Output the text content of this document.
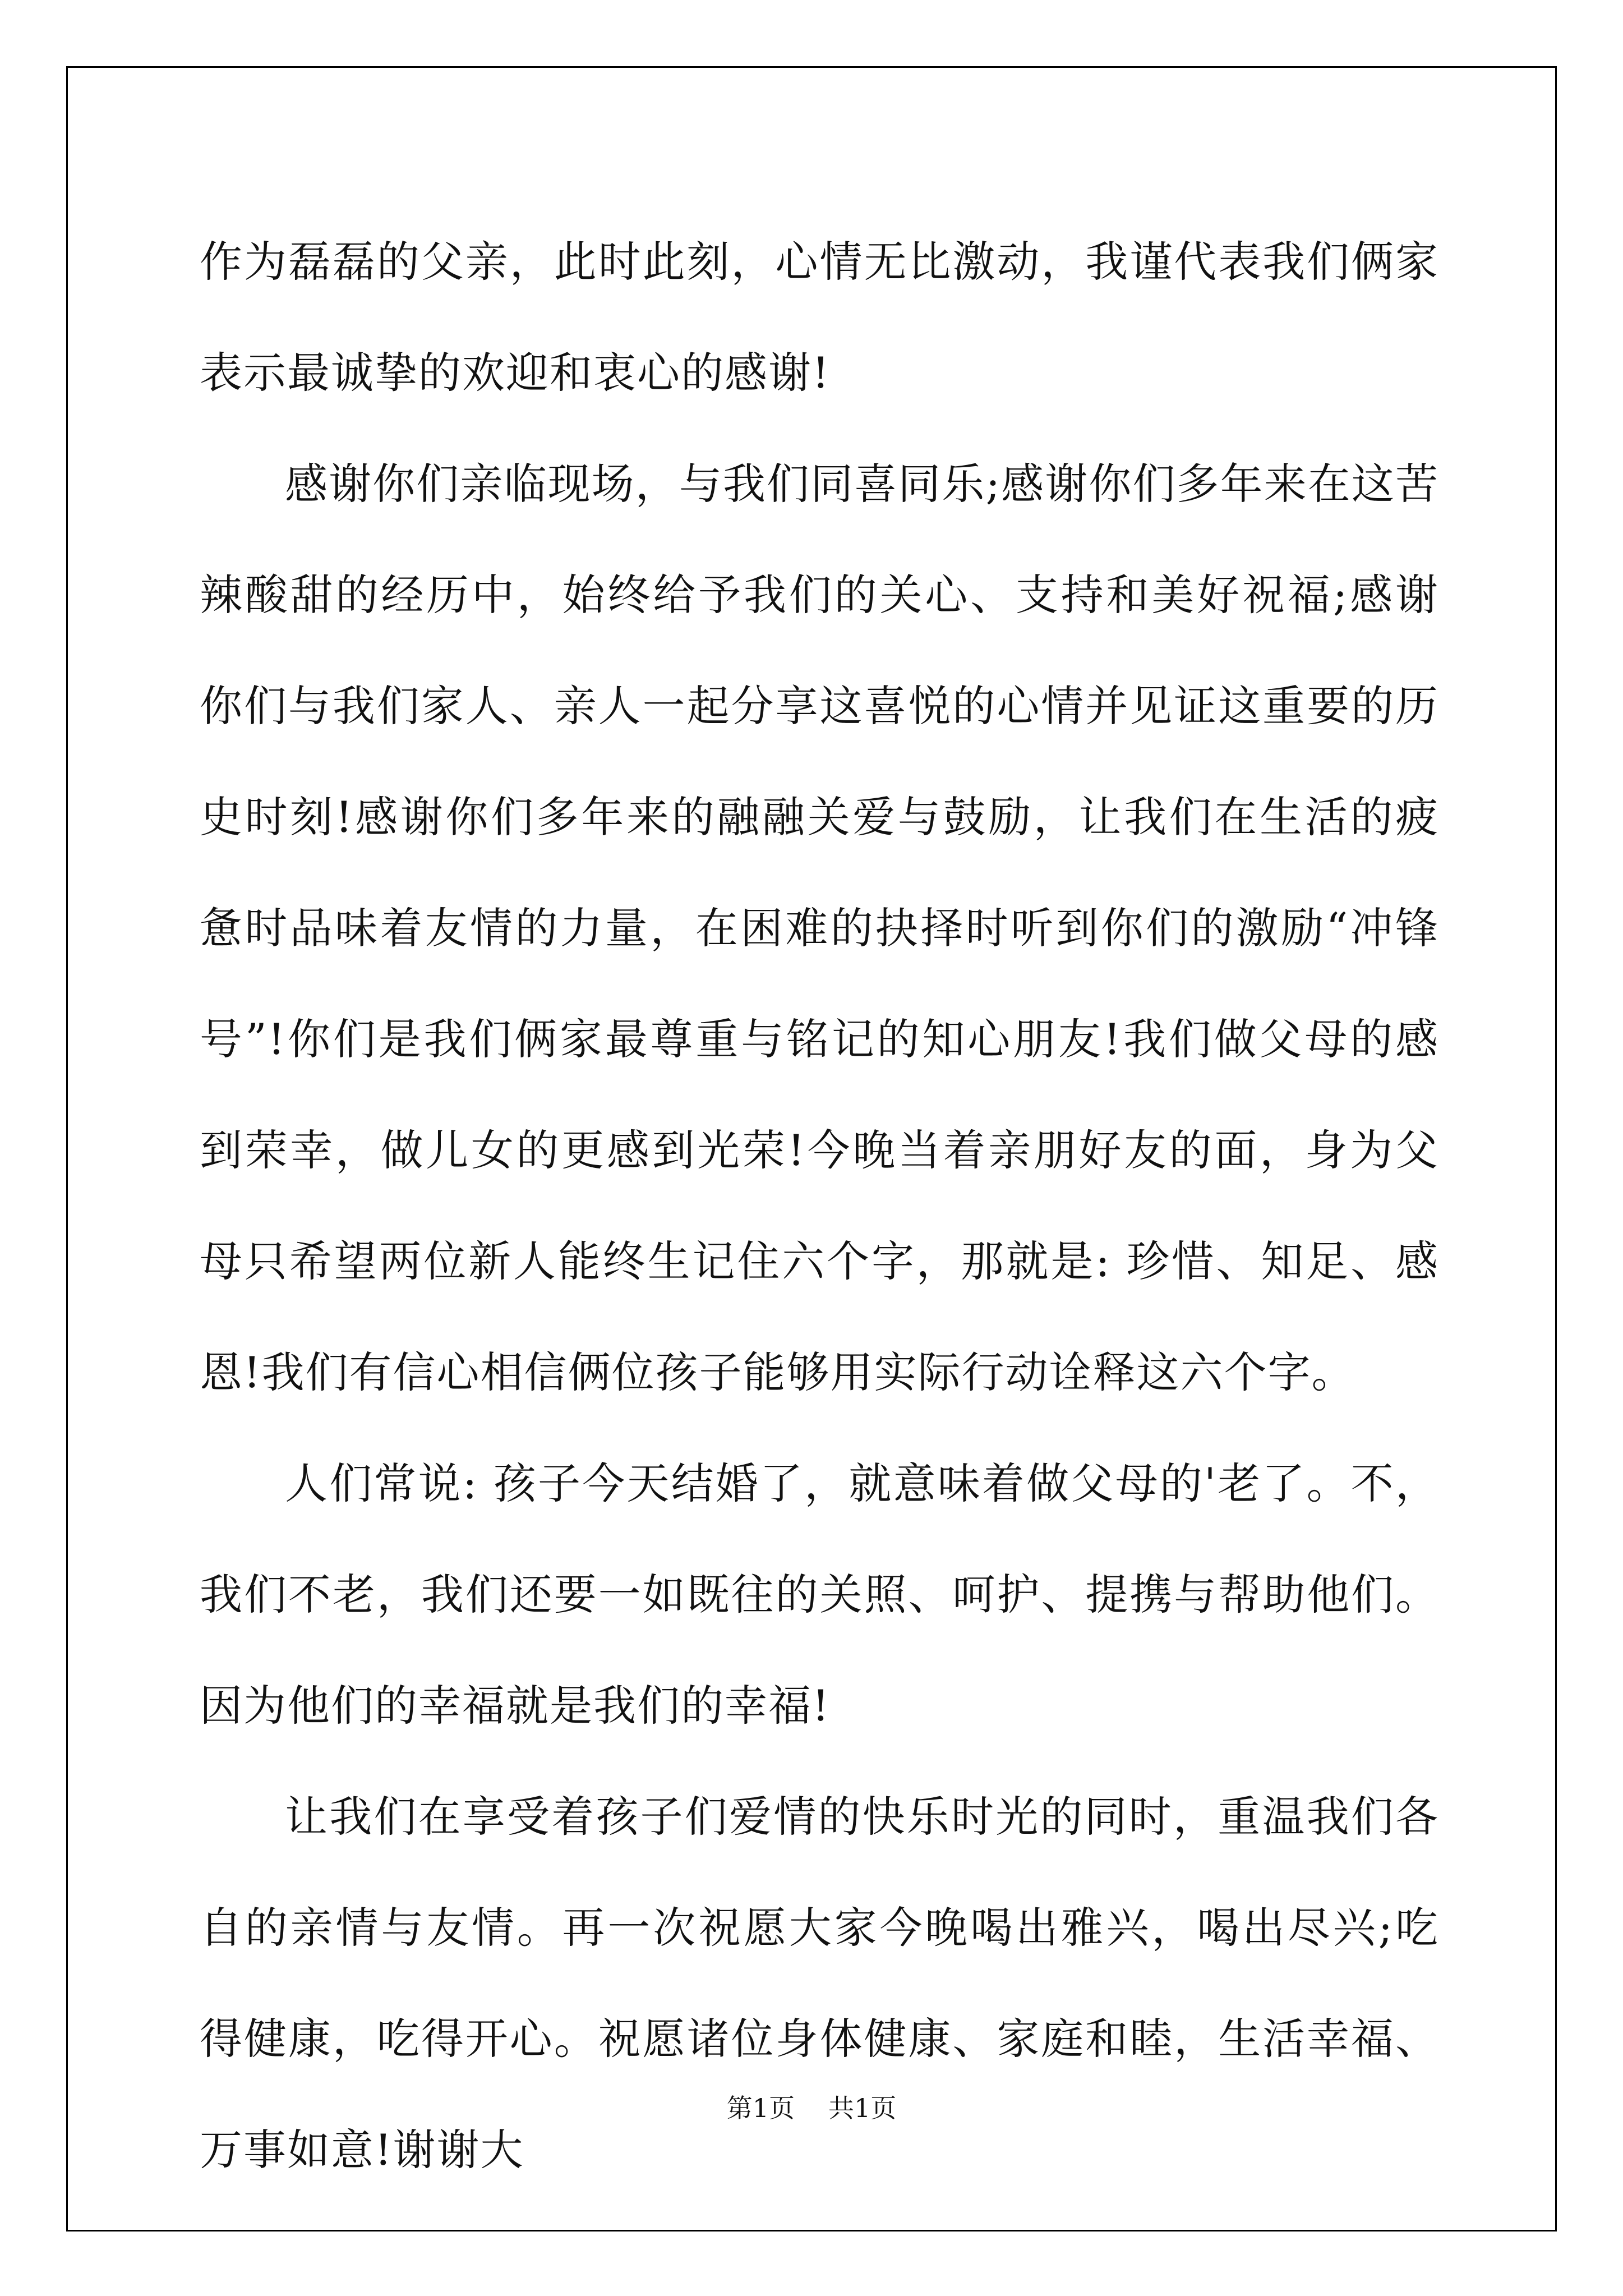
作为磊磊的父亲，此时此刻，心情无比激动，我谨代表我们俩家表示最诚挚的欢迎和衷心的感谢!

感谢你们亲临现场，与我们同喜同乐;感谢你们多年来在这苦辣酸甜的经历中，始终给予我们的关心、支持和美好祝福;感谢你们与我们家人、亲人一起分享这喜悦的心情并见证这重要的历史时刻!感谢你们多年来的融融关爱与鼓励，让我们在生活的疲惫时品味着友情的力量，在困难的抉择时听到你们的激励“冲锋号”!你们是我们俩家最尊重与铭记的知心朋友!我们做父母的感到荣幸，做儿女的更感到光荣!今晚当着亲朋好友的面，身为父母只希望两位新人能终生记住六个字，那就是: 珍惜、知足、感恩!我们有信心相信俩位孩子能够用实际行动诠释这六个字。

人们常说: 孩子今天结婚了，就意味着做父母的'老了。不，我们不老，我们还要一如既往的关照、呵护、提携与帮助他们。因为他们的幸福就是我们的幸福!

让我们在享受着孩子们爱情的快乐时光的同时，重温我们各自的亲情与友情。再一次祝愿大家今晚喝出雅兴，喝出尽兴;吃得健康，吃得开心。祝愿诸位身体健康、家庭和睦，生活幸福、万事如意!谢谢大

第1页 共1页
